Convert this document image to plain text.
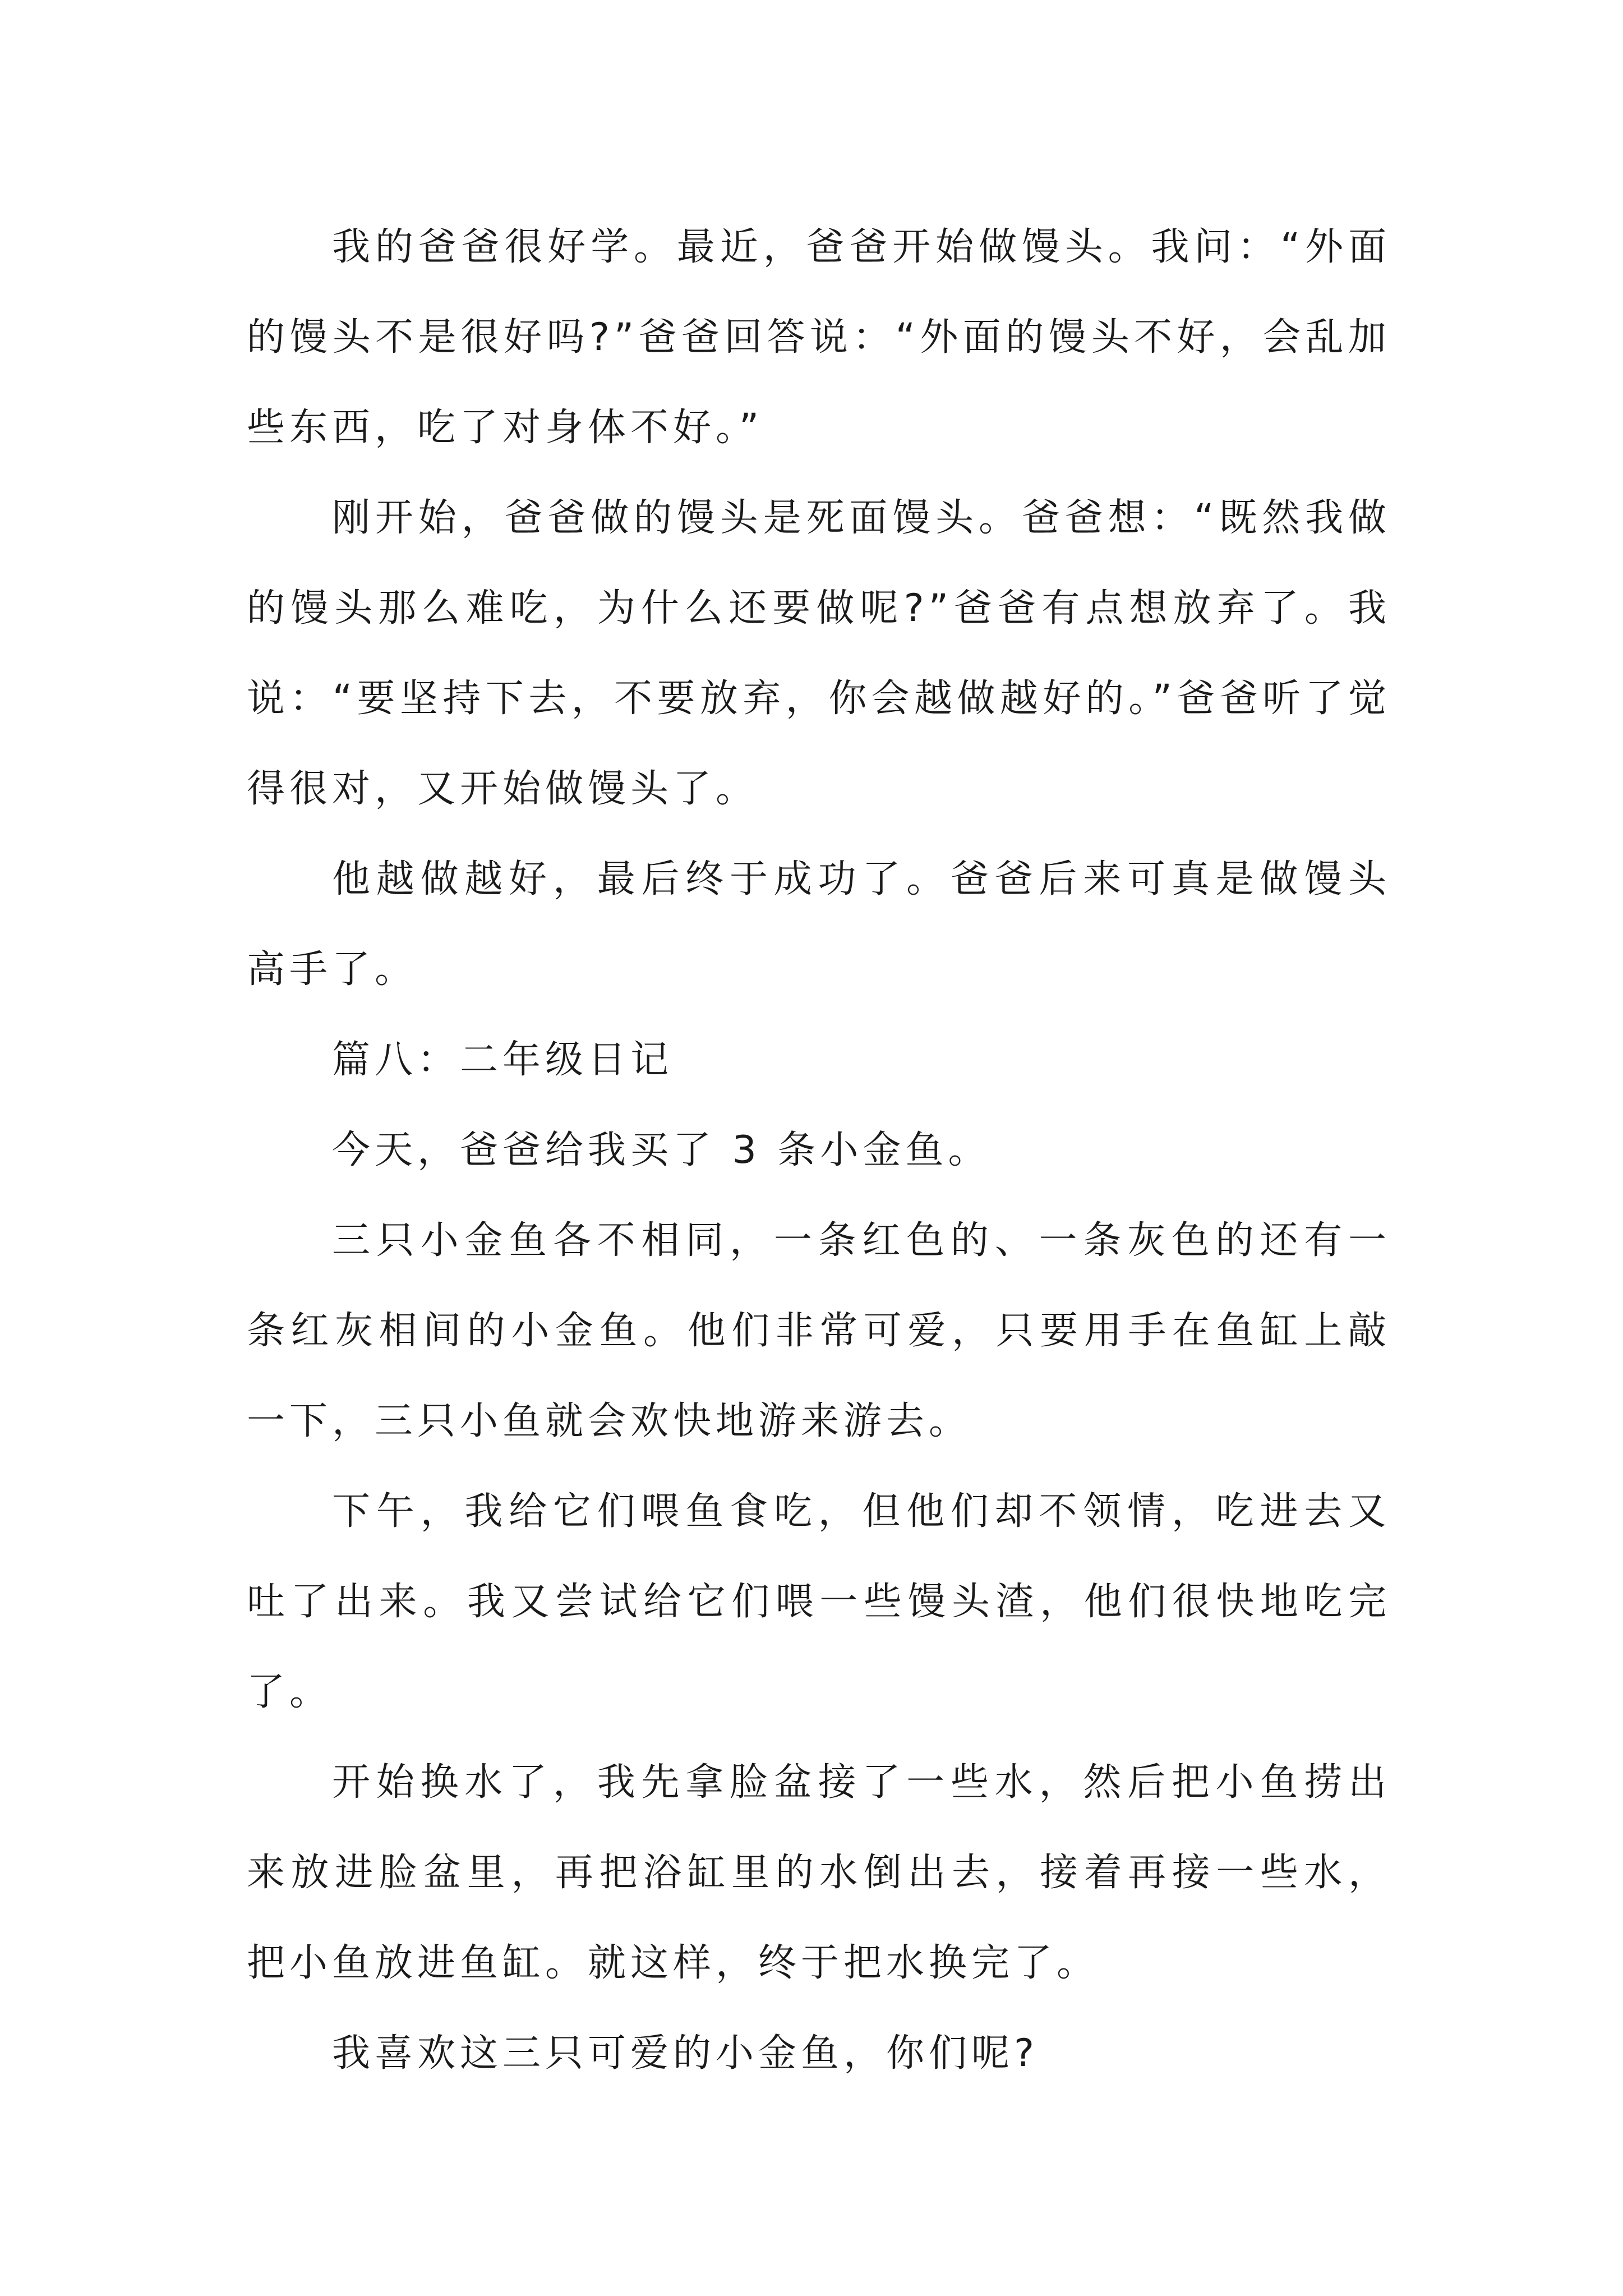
我的爸爸很好学。最近，爸爸开始做馒头。我问：“外面的馒头不是很好吗?”爸爸回答说：“外面的馒头不好，会乱加些东西，吃了对身体不好。”

刚开始，爸爸做的馒头是死面馒头。爸爸想：“既然我做的馒头那么难吃，为什么还要做呢?”爸爸有点想放弃了。我说：“要坚持下去，不要放弃，你会越做越好的。”爸爸听了觉得很对，又开始做馒头了。

他越做越好，最后终于成功了。爸爸后来可真是做馒头高手了。

篇八：二年级日记

今天，爸爸给我买了 3 条小金鱼。

三只小金鱼各不相同，一条红色的、一条灰色的还有一条红灰相间的小金鱼。他们非常可爱，只要用手在鱼缸上敲一下，三只小鱼就会欢快地游来游去。

下午，我给它们喂鱼食吃，但他们却不领情，吃进去又吐了出来。我又尝试给它们喂一些馒头渣，他们很快地吃完了。

开始换水了，我先拿脸盆接了一些水，然后把小鱼捞出来放进脸盆里，再把浴缸里的水倒出去，接着再接一些水，把小鱼放进鱼缸。就这样，终于把水换完了。

我喜欢这三只可爱的小金鱼，你们呢?
